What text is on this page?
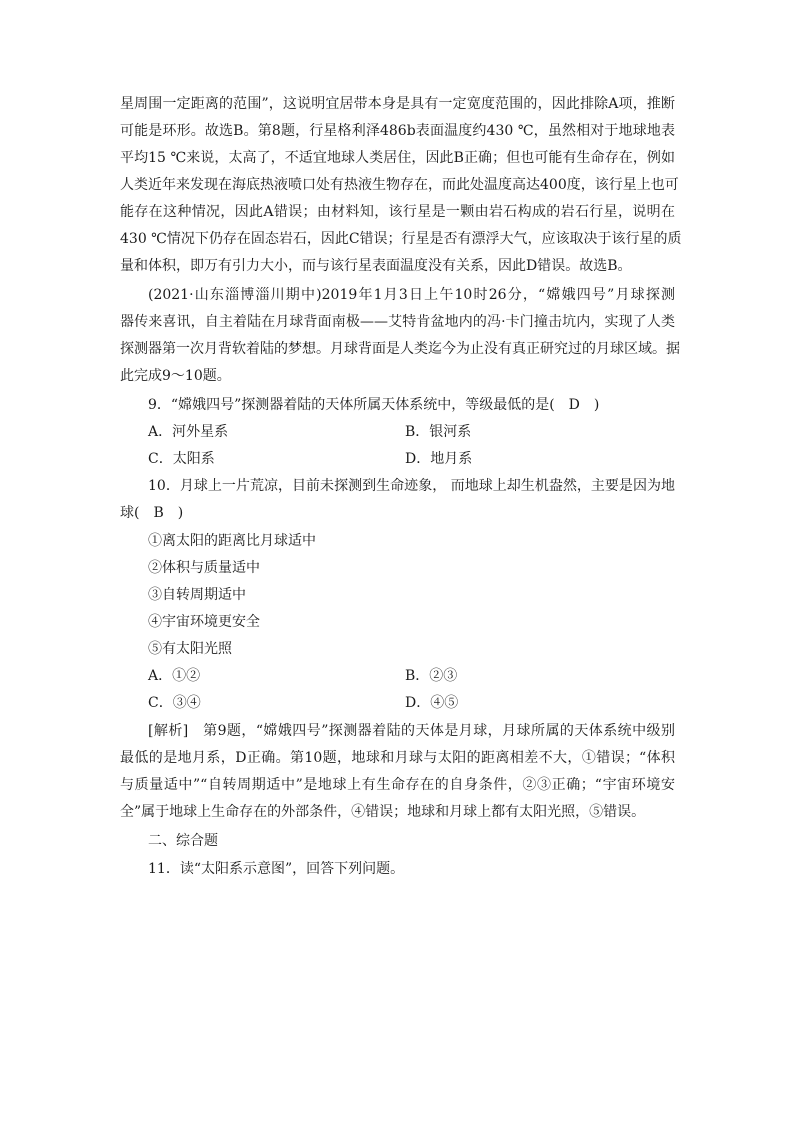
星周围一定距离的范围”，这说明宜居带本身是具有一定宽度范围的，因此排除A项，推断
可能是环形。故选B。第8题，行星格利泽486b表面温度约430 ℃，虽然相对于地球地表
平均15 ℃来说，太高了，不适宜地球人类居住，因此B正确；但也可能有生命存在，例如
人类近年来发现在海底热液喷口处有热液生物存在，而此处温度高达400度，该行星上也可
能存在这种情况，因此A错误；由材料知，该行星是一颗由岩石构成的岩石行星，说明在
430 ℃情况下仍存在固态岩石，因此C错误；行星是否有漂浮大气，应该取决于该行星的质
量和体积，即万有引力大小，而与该行星表面温度没有关系，因此D错误。故选B。
(2021·山东淄博淄川期中)2019年1月3日上午10时26分，“嫦娥四号”月球探测
器传来喜讯，自主着陆在月球背面南极——艾特肯盆地内的冯·卡门撞击坑内，实现了人类
探测器第一次月背软着陆的梦想。月球背面是人类迄今为止没有真正研究过的月球区域。据
此完成9～10题。
9．“嫦娥四号”探测器着陆的天体所属天体系统中，等级最低的是(　D　)
A．河外星系	B．银河系
C．太阳系	D．地月系
10．月球上一片荒凉，目前未探测到生命迹象， 而地球上却生机盎然，主要是因为地
球(　B　)
①离太阳的距离比月球适中
②体积与质量适中
③自转周期适中
④宇宙环境更安全
⑤有太阳光照
A．①②	B．②③
C．③④	D．④⑤
[解析]　第9题，“嫦娥四号”探测器着陆的天体是月球，月球所属的天体系统中级别
最低的是地月系，D正确。第10题，地球和月球与太阳的距离相差不大，①错误；“体积
与质量适中”“自转周期适中”是地球上有生命存在的自身条件，②③正确；“宇宙环境安
全”属于地球上生命存在的外部条件，④错误；地球和月球上都有太阳光照，⑤错误。
二、综合题
11．读“太阳系示意图”，回答下列问题。
